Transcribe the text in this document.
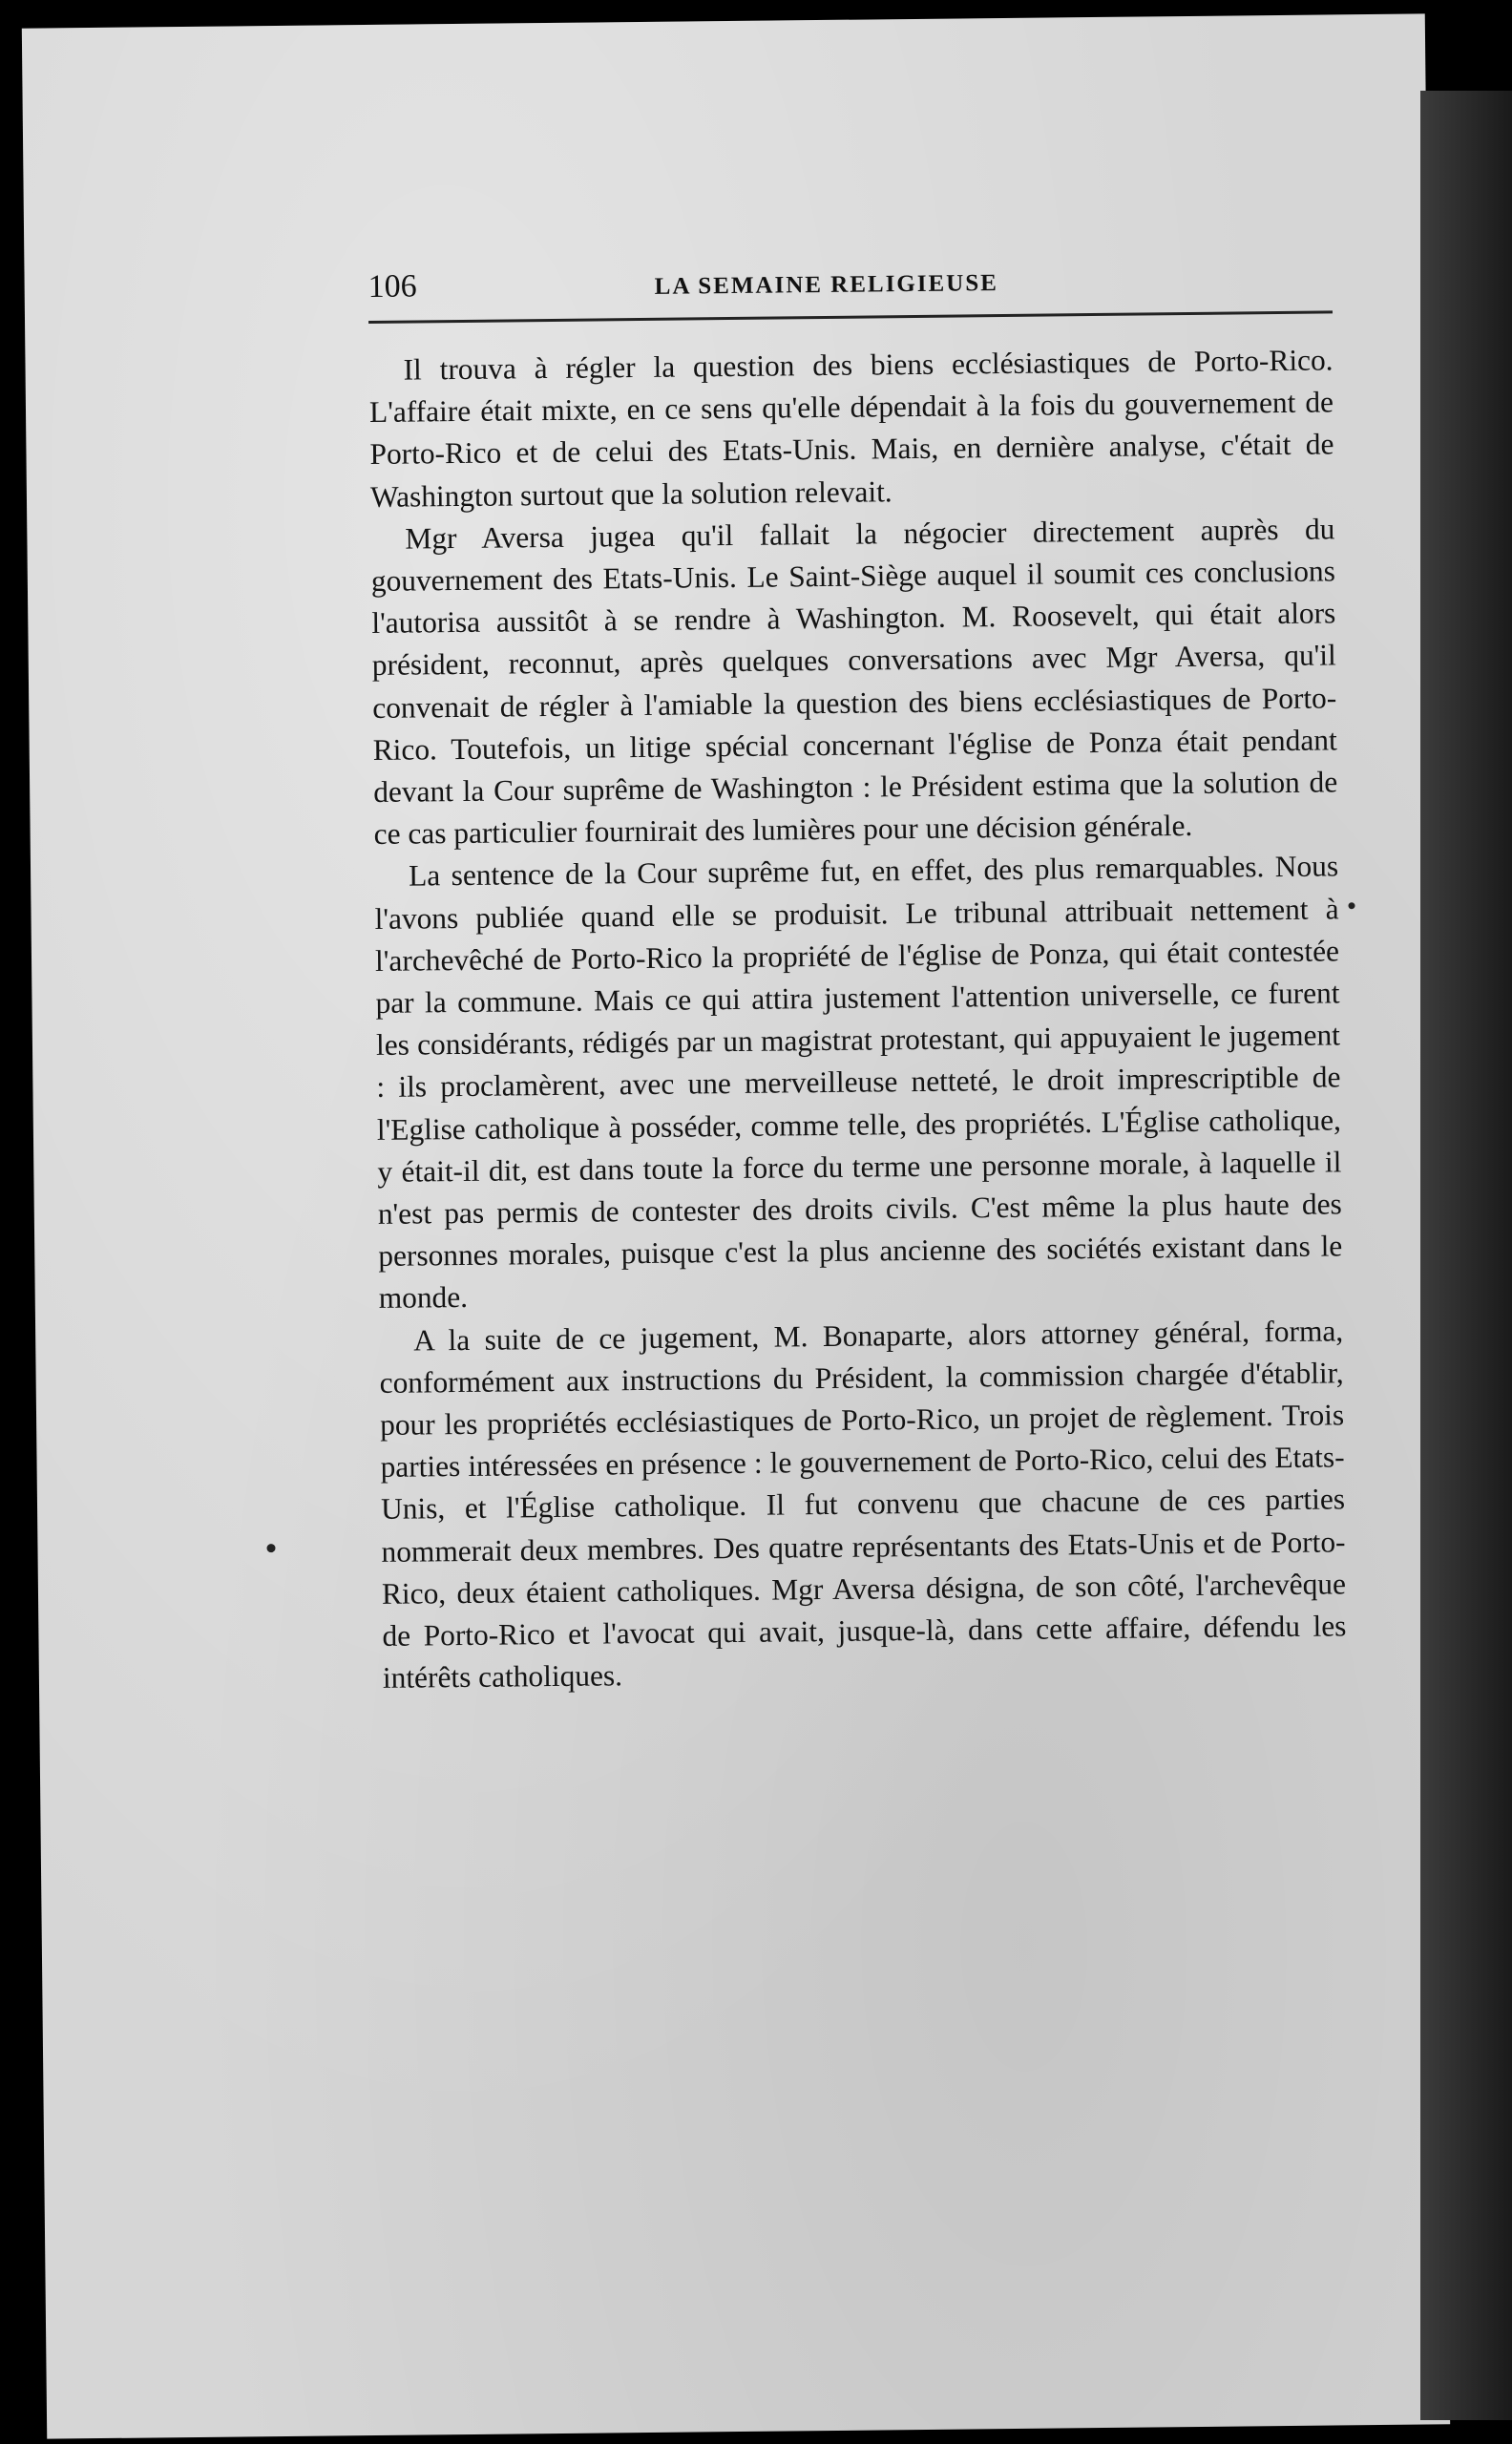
106	LA SEMAINE RELIGIEUSE

Il trouva à régler la question des biens ecclésiastiques de Porto-Rico. L'affaire était mixte, en ce sens qu'elle dépendait à la fois du gouvernement de Porto-Rico et de celui des Etats-Unis. Mais, en dernière analyse, c'était de Washington surtout que la solution relevait.

Mgr Aversa jugea qu'il fallait la négocier directement auprès du gouvernement des Etats-Unis. Le Saint-Siège auquel il soumit ces conclusions l'autorisa aussitôt à se rendre à Washington. M. Roosevelt, qui était alors président, reconnut, après quelques conversations avec Mgr Aversa, qu'il convenait de régler à l'amiable la question des biens ecclésiastiques de Porto-Rico. Toutefois, un litige spécial concernant l'église de Ponza était pendant devant la Cour suprême de Washington : le Président estima que la solution de ce cas particulier fournirait des lumières pour une décision générale.

La sentence de la Cour suprême fut, en effet, des plus remarquables. Nous l'avons publiée quand elle se produisit. Le tribunal attribuait nettement à l'archevêché de Porto-Rico la propriété de l'église de Ponza, qui était contestée par la commune. Mais ce qui attira justement l'attention universelle, ce furent les considérants, rédigés par un magistrat protestant, qui appuyaient le jugement : ils proclamèrent, avec une merveilleuse netteté, le droit imprescriptible de l'Eglise catholique à posséder, comme telle, des propriétés. L'Église catholique, y était-il dit, est dans toute la force du terme une personne morale, à laquelle il n'est pas permis de contester des droits civils. C'est même la plus haute des personnes morales, puisque c'est la plus ancienne des sociétés existant dans le monde.

A la suite de ce jugement, M. Bonaparte, alors attorney général, forma, conformément aux instructions du Président, la commission chargée d'établir, pour les propriétés ecclésiastiques de Porto-Rico, un projet de règlement. Trois parties intéressées en présence : le gouvernement de Porto-Rico, celui des Etats-Unis, et l'Église catholique. Il fut convenu que chacune de ces parties nommerait deux membres. Des quatre représentants des Etats-Unis et de Porto-Rico, deux étaient catholiques. Mgr Aversa désigna, de son côté, l'archevêque de Porto-Rico et l'avocat qui avait, jusque-là, dans cette affaire, défendu les intérêts catholiques.
